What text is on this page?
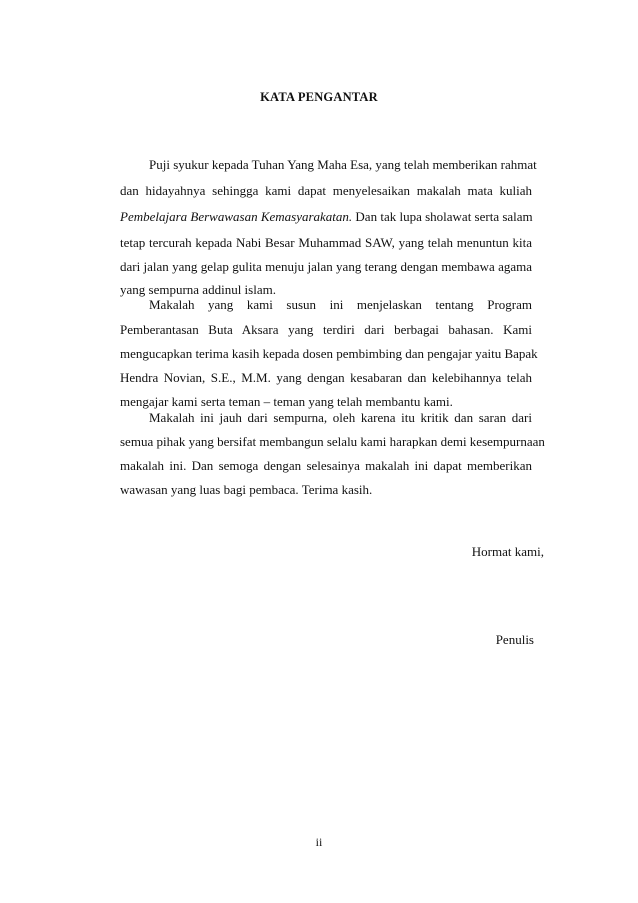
KATA PENGANTAR
Puji syukur kepada Tuhan Yang Maha Esa, yang telah memberikan rahmat
dan hidayahnya sehingga kami dapat menyelesaikan makalah mata kuliah
Pembelajara Berwawasan Kemasyarakatan. Dan tak lupa sholawat serta salam
tetap tercurah kepada Nabi Besar Muhammad SAW, yang telah menuntun kita
dari jalan yang gelap gulita menuju jalan yang terang dengan membawa agama
yang sempurna addinul islam.
Makalah yang kami susun ini menjelaskan tentang Program
Pemberantasan Buta Aksara yang terdiri dari berbagai bahasan. Kami
mengucapkan terima kasih kepada dosen pembimbing dan pengajar yaitu Bapak
Hendra Novian, S.E., M.M. yang dengan kesabaran dan kelebihannya telah
mengajar kami serta teman – teman yang telah membantu kami.
Makalah ini jauh dari sempurna, oleh karena itu kritik dan saran dari
semua pihak yang bersifat membangun selalu kami harapkan demi kesempurnaan
makalah ini. Dan semoga dengan selesainya makalah ini dapat memberikan
wawasan yang luas bagi pembaca. Terima kasih.
Hormat kami,
Penulis
ii
